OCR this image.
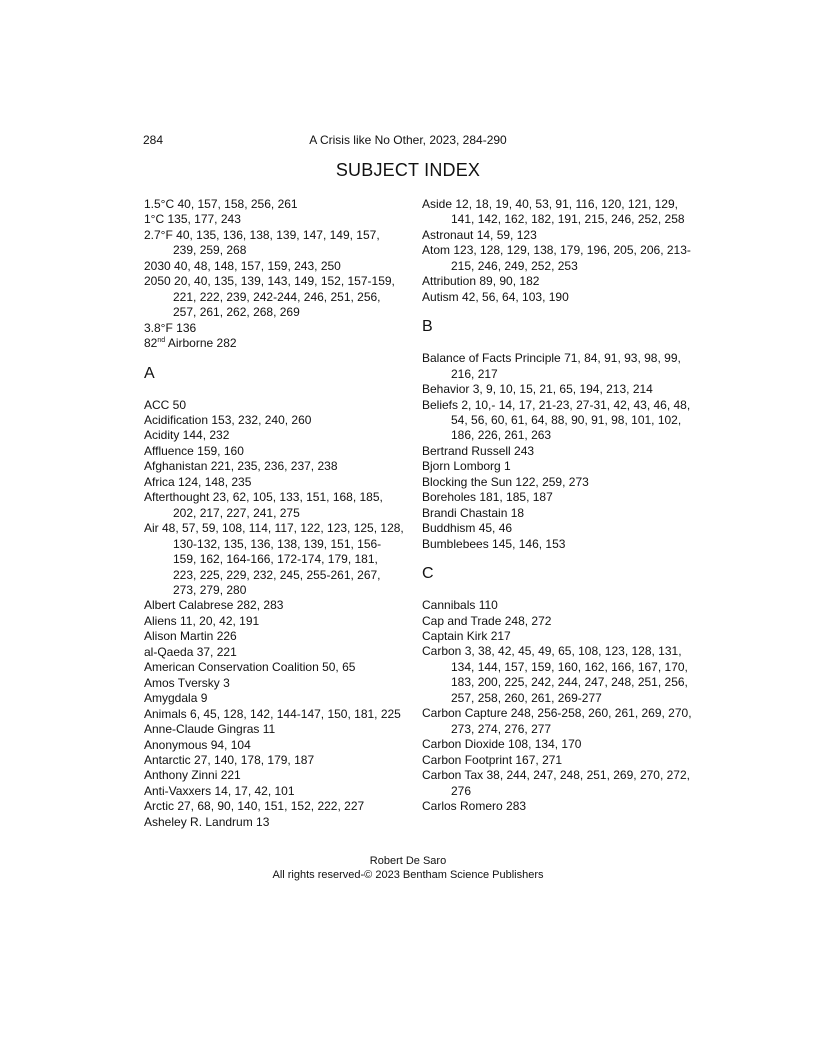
284	A Crisis like No Other, 2023, 284-290
SUBJECT INDEX
1.5°C 40, 157, 158, 256, 261
1°C 135, 177, 243
2.7°F 40, 135, 136, 138, 139, 147, 149, 157, 239, 259, 268
2030 40, 48, 148, 157, 159, 243, 250
2050 20, 40, 135, 139, 143, 149, 152, 157-159, 221, 222, 239, 242-244, 246, 251, 256, 257, 261, 262, 268, 269
3.8°F 136
82nd Airborne 282
A
ACC 50
Acidification 153, 232, 240, 260
Acidity 144, 232
Affluence 159, 160
Afghanistan 221, 235, 236, 237, 238
Africa 124, 148, 235
Afterthought 23, 62, 105, 133, 151, 168, 185, 202, 217, 227, 241, 275
Air 48, 57, 59, 108, 114, 117, 122, 123, 125, 128, 130-132, 135, 136, 138, 139, 151, 156-159, 162, 164-166, 172-174, 179, 181, 223, 225, 229, 232, 245, 255-261, 267, 273, 279, 280
Albert Calabrese 282, 283
Aliens 11, 20, 42, 191
Alison Martin 226
al-Qaeda 37, 221
American Conservation Coalition 50, 65
Amos Tversky 3
Amygdala 9
Animals 6, 45, 128, 142, 144-147, 150, 181, 225
Anne-Claude Gingras 11
Anonymous 94, 104
Antarctic 27, 140, 178, 179, 187
Anthony Zinni 221
Anti-Vaxxers 14, 17, 42, 101
Arctic 27, 68, 90, 140, 151, 152, 222, 227
Asheley R. Landrum 13
Aside 12, 18, 19, 40, 53, 91, 116, 120, 121, 129, 141, 142, 162, 182, 191, 215, 246, 252, 258
Astronaut 14, 59, 123
Atom 123, 128, 129, 138, 179, 196, 205, 206, 213-215, 246, 249, 252, 253
Attribution 89, 90, 182
Autism 42, 56, 64, 103, 190
B
Balance of Facts Principle 71, 84, 91, 93, 98, 99, 216, 217
Behavior 3, 9, 10, 15, 21, 65, 194, 213, 214
Beliefs 2, 10,- 14, 17, 21-23, 27-31, 42, 43, 46, 48, 54, 56, 60, 61, 64, 88, 90, 91, 98, 101, 102, 186, 226, 261, 263
Bertrand Russell 243
Bjorn Lomborg 1
Blocking the Sun 122, 259, 273
Boreholes 181, 185, 187
Brandi Chastain 18
Buddhism 45, 46
Bumblebees 145, 146, 153
C
Cannibals 110
Cap and Trade 248, 272
Captain Kirk 217
Carbon 3, 38, 42, 45, 49, 65, 108, 123, 128, 131, 134, 144, 157, 159, 160, 162, 166, 167, 170, 183, 200, 225, 242, 244, 247, 248, 251, 256, 257, 258, 260, 261, 269-277
Carbon Capture 248, 256-258, 260, 261, 269, 270, 273, 274, 276, 277
Carbon Dioxide 108, 134, 170
Carbon Footprint 167, 271
Carbon Tax 38, 244, 247, 248, 251, 269, 270, 272, 276
Carlos Romero 283
Robert De Saro
All rights reserved-© 2023 Bentham Science Publishers
